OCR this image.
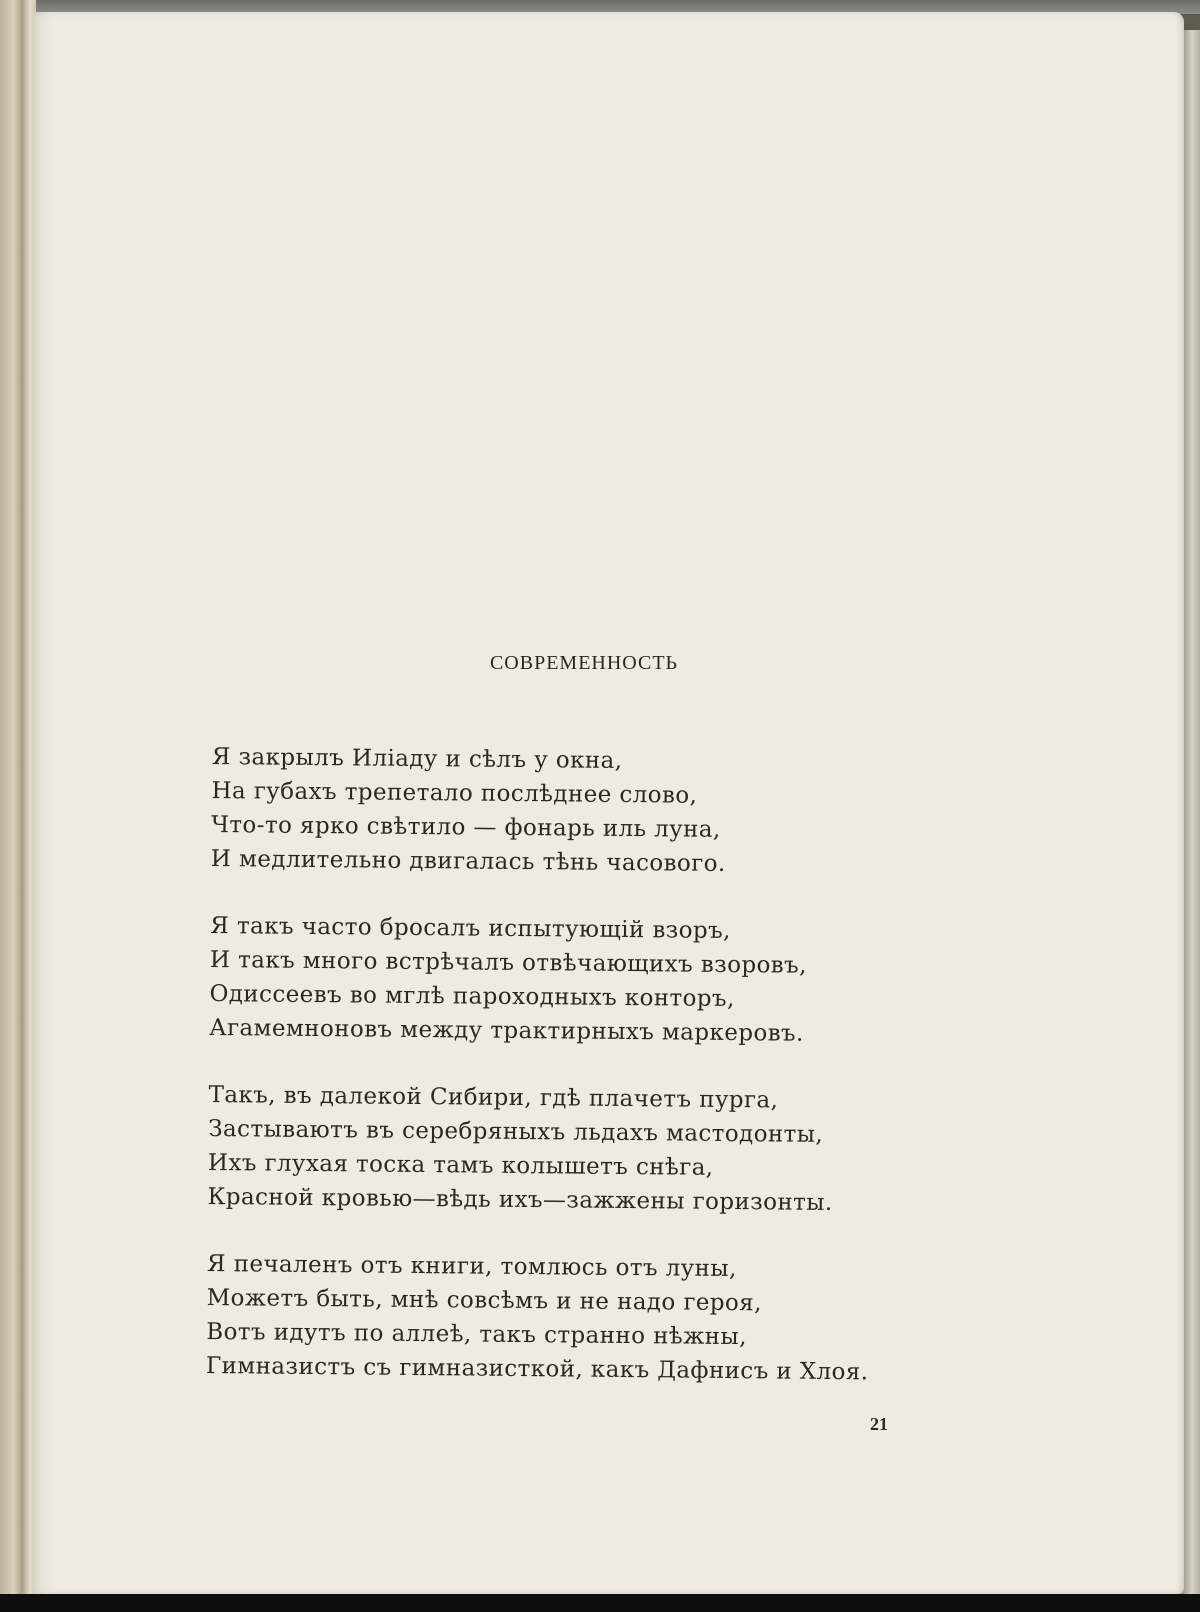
СОВРЕМЕННОСТЬ
Я закрылъ Иліаду и сѣлъ у окна,
На губахъ трепетало послѣднее слово,
Что-то ярко свѣтило — фонарь иль луна,
И медлительно двигалась тѣнь часового.
Я такъ часто бросалъ испытующій взоръ,
И такъ много встрѣчалъ отвѣчающихъ взоровъ,
Одиссеевъ во мглѣ пароходныхъ конторъ,
Агамемноновъ между трактирныхъ маркеровъ.
Такъ, въ далекой Сибири, гдѣ плачетъ пурга,
Застываютъ въ серебряныхъ льдахъ мастодонты,
Ихъ глухая тоска тамъ колышетъ снѣга,
Красной кровью—вѣдь ихъ—зажжены горизонты.
Я печаленъ отъ книги, томлюсь отъ луны,
Можетъ быть, мнѣ совсѣмъ и не надо героя,
Вотъ идутъ по аллеѣ, такъ странно нѣжны,
Гимназистъ съ гимназисткой, какъ Дафнисъ и Хлоя.
21
